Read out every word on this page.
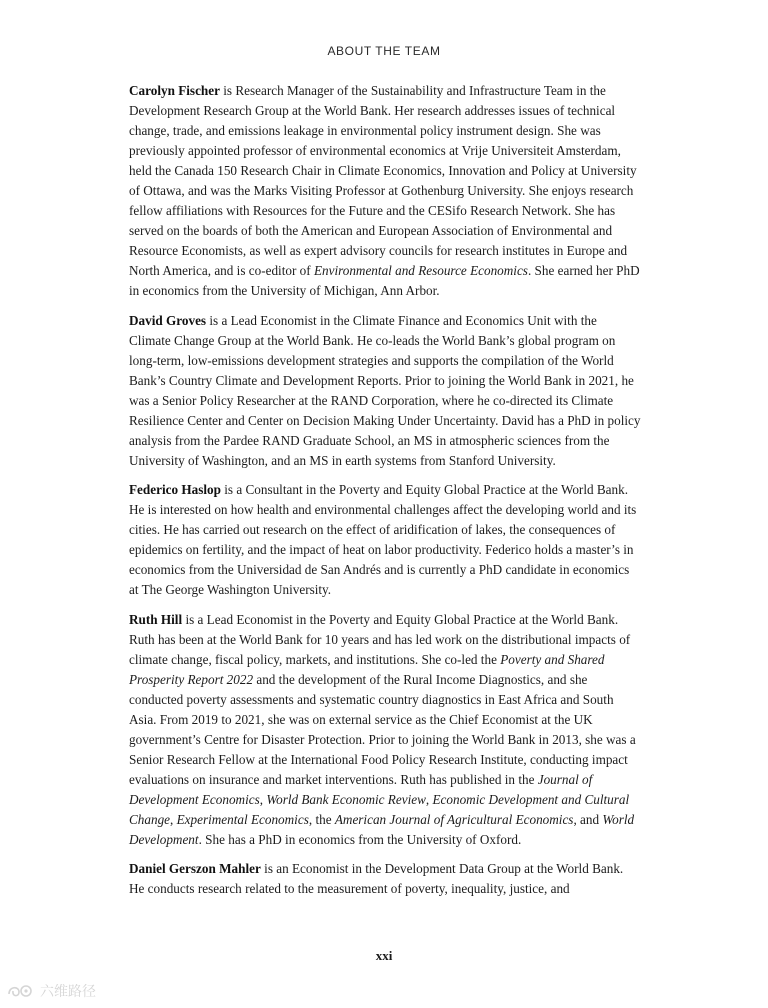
ABOUT THE TEAM

Carolyn Fischer is Research Manager of the Sustainability and Infrastructure Team in the Development Research Group at the World Bank. Her research addresses issues of technical change, trade, and emissions leakage in environmental policy instrument design. She was previously appointed professor of environmental economics at Vrije Universiteit Amsterdam, held the Canada 150 Research Chair in Climate Economics, Innovation and Policy at University of Ottawa, and was the Marks Visiting Professor at Gothenburg University. She enjoys research fellow affiliations with Resources for the Future and the CESifo Research Network. She has served on the boards of both the American and European Association of Environmental and Resource Economists, as well as expert advisory councils for research institutes in Europe and North America, and is co-editor of Environmental and Resource Economics. She earned her PhD in economics from the University of Michigan, Ann Arbor.

David Groves is a Lead Economist in the Climate Finance and Economics Unit with the Climate Change Group at the World Bank. He co-leads the World Bank’s global program on long-term, low-emissions development strategies and supports the compilation of the World Bank’s Country Climate and Development Reports. Prior to joining the World Bank in 2021, he was a Senior Policy Researcher at the RAND Corporation, where he co-directed its Climate Resilience Center and Center on Decision Making Under Uncertainty. David has a PhD in policy analysis from the Pardee RAND Graduate School, an MS in atmospheric sciences from the University of Washington, and an MS in earth systems from Stanford University.

Federico Haslop is a Consultant in the Poverty and Equity Global Practice at the World Bank. He is interested on how health and environmental challenges affect the developing world and its cities. He has carried out research on the effect of aridification of lakes, the consequences of epidemics on fertility, and the impact of heat on labor productivity. Federico holds a master’s in economics from the Universidad de San Andrés and is currently a PhD candidate in economics at The George Washington University.

Ruth Hill is a Lead Economist in the Poverty and Equity Global Practice at the World Bank. Ruth has been at the World Bank for 10 years and has led work on the distributional impacts of climate change, fiscal policy, markets, and institutions. She co-led the Poverty and Shared Prosperity Report 2022 and the development of the Rural Income Diagnostics, and she conducted poverty assessments and systematic country diagnostics in East Africa and South Asia. From 2019 to 2021, she was on external service as the Chief Economist at the UK government’s Centre for Disaster Protection. Prior to joining the World Bank in 2013, she was a Senior Research Fellow at the International Food Policy Research Institute, conducting impact evaluations on insurance and market interventions. Ruth has published in the Journal of Development Economics, World Bank Economic Review, Economic Development and Cultural Change, Experimental Economics, the American Journal of Agricultural Economics, and World Development. She has a PhD in economics from the University of Oxford.

Daniel Gerszon Mahler is an Economist in the Development Data Group at the World Bank. He conducts research related to the measurement of poverty, inequality, justice, and

xxi
六维路径
